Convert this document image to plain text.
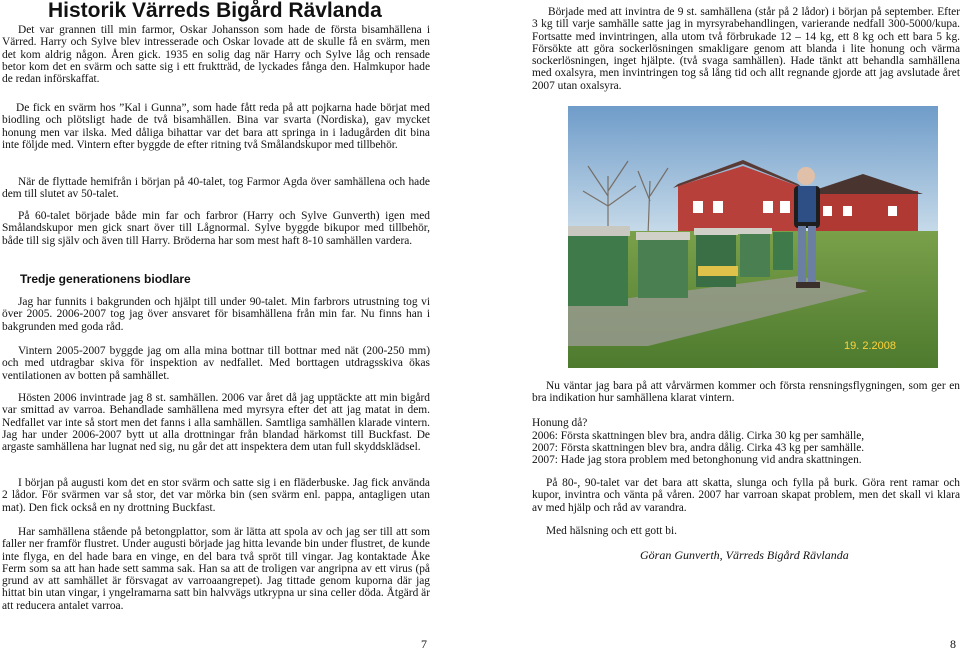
Historik Värreds Bigård Rävlanda

Det var grannen till min farmor, Oskar Johansson som hade de första bisamhällena i Värred. Harry och Sylve blev intresserade och Oskar lovade att de skulle få en svärm, men det kom aldrig någon. Åren gick. 1935 en solig dag när Harry och Sylve låg och rensade betor kom det en svärm och satte sig i ett fruktträd, de lyckades fånga den. Halmkupor hade de redan införskaffat.

De fick en svärm hos ”Kal i Gunna”, som hade fått reda på att pojkarna hade börjat med biodling och plötsligt hade de två bisamhällen. Bina var svarta (Nordiska), gav mycket honung men var ilska. Med dåliga bihattar var det bara att springa in i ladugården dit bina inte följde med. Vintern efter byggde de efter ritning två Smålandskupor med tillbehör.

När de flyttade hemifrån i början på 40-talet, tog Farmor Agda över samhällena och hade dem till slutet av 50-talet.

På 60-talet började både min far och farbror (Harry och Sylve Gunverth) igen med Smålandskupor men gick snart över till Lågnormal. Sylve byggde bikupor med tillbehör, både till sig själv och även till Harry. Bröderna har som mest haft 8-10 samhällen vardera.

Tredje generationens biodlare

Jag har funnits i bakgrunden och hjälpt till under 90-talet. Min farbrors utrustning tog vi över 2005. 2006-2007 tog jag över ansvaret för bisamhällena från min far. Nu finns han i bakgrunden med goda råd.

Vintern 2005-2007 byggde jag om alla mina bottnar till bottnar med nät (200-250 mm) och med utdragbar skiva för inspektion av nedfallet. Med borttagen utdragsskiva ökas ventilationen av botten på samhället.

Hösten 2006 invintrade jag 8 st. samhällen. 2006 var året då jag upptäckte att min bigård var smittad av varroa. Behandlade samhällena med myrsyra efter det att jag matat in dem. Nedfallet var inte så stort men det fanns i alla samhällen. Samtliga samhällen klarade vintern. Jag har under 2006-2007 bytt ut alla drottningar från blandad härkomst till Buckfast. De argaste samhällena har lugnat ned sig, nu går det att inspektera dem utan full skyddsklädsel.

I början på augusti kom det en stor svärm och satte sig i en fläderbuske. Jag fick använda 2 lådor. För svärmen var så stor, det var mörka bin (sen svärm enl. pappa, antagligen utan mat). Den fick också en ny drottning Buckfast.

Har samhällena stående på betongplattor, som är lätta att spola av och jag ser till att som faller ner framför flustret. Under augusti började jag hitta levande bin under flustret, de kunde inte flyga, en del hade bara en vinge, en del bara två spröt till vingar. Jag kontaktade Åke Ferm som sa att han hade sett samma sak. Han sa att de troligen var angripna av ett virus (på grund av att samhället är försvagat av varroaangrepet). Jag tittade genom kuporna där jag hittat bin utan vingar, i yngelramarna satt bin halvvägs utkrypna ur sina celler döda. Åtgärd är att reducera antalet varroa.

Började med att invintra de 9 st. samhällena (står på 2 lådor) i början på september. Efter 3 kg till varje samhälle satte jag in myrsyrabehandlingen, varierande nedfall 300-5000/kupa. Fortsatte med invintringen, alla utom två förbrukade 12 – 14 kg, ett 8 kg och ett bara 5 kg. Försökte att göra sockerlösningen smakligare genom att blanda i lite honung och värma sockerlösningen, inget hjälpte. (två svaga samhällen). Hade tänkt att behandla samhällena med oxalsyra, men invintringen tog så lång tid och allt regnande gjorde att jag avslutade året 2007 utan oxalsyra.

19. 2.2008

Nu väntar jag bara på att vårvärmen kommer och första rensningsflygningen, som ger en bra indikation hur samhällena klarat vintern.

Honung då?

2006: Första skattningen blev bra, andra dålig. Cirka 30 kg per samhälle,

2007: Första skattningen blev bra, andra dålig. Cirka 43 kg per samhälle.

2007: Hade jag stora problem med betonghonung vid andra skattningen.

På 80-, 90-talet var det bara att skatta, slunga och fylla på burk. Göra rent ramar och kupor, invintra och vänta på våren. 2007 har varroan skapat problem, men det skall vi klara av med hjälp och råd av varandra.

Med hälsning och ett gott bi.

Göran Gunverth, Värreds Bigård Rävlanda
7	8
